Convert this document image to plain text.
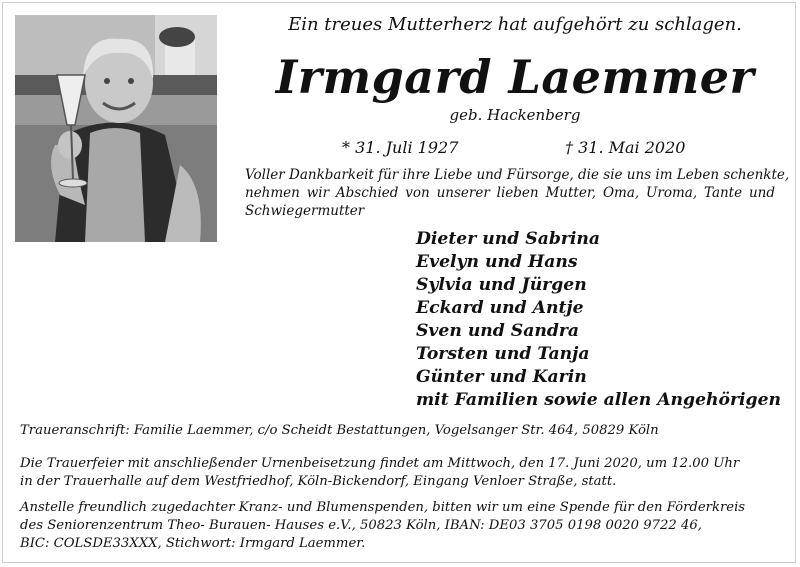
Ein treues Mutterherz hat aufgehört zu schlagen.
Irmgard Laemmer
geb. Hackenberg
* 31. Juli 1927	† 31. Mai 2020
Voller Dankbarkeit für ihre Liebe und Fürsorge, die sie uns im Leben schenkte,
nehmen wir Abschied von unserer lieben Mutter, Oma, Uroma, Tante und
Schwiegermutter
Dieter und Sabrina
Evelyn und Hans
Sylvia und Jürgen
Eckard und Antje
Sven und Sandra
Torsten und Tanja
Günter und Karin
mit Familien sowie allen Angehörigen
Traueranschrift: Familie Laemmer, c/o Scheidt Bestattungen, Vogelsanger Str. 464, 50829 Köln
Die Trauerfeier mit anschließender Urnenbeisetzung findet am Mittwoch, den 17. Juni 2020, um 12.00 Uhr
in der Trauerhalle auf dem Westfriedhof, Köln-Bickendorf, Eingang Venloer Straße, statt.
Anstelle freundlich zugedachter Kranz- und Blumenspenden, bitten wir um eine Spende für den Förderkreis
des Seniorenzentrum Theo- Burauen- Hauses e.V., 50823 Köln, IBAN: DE03 3705 0198 0020 9722 46,
BIC: COLSDE33XXX, Stichwort: Irmgard Laemmer.
